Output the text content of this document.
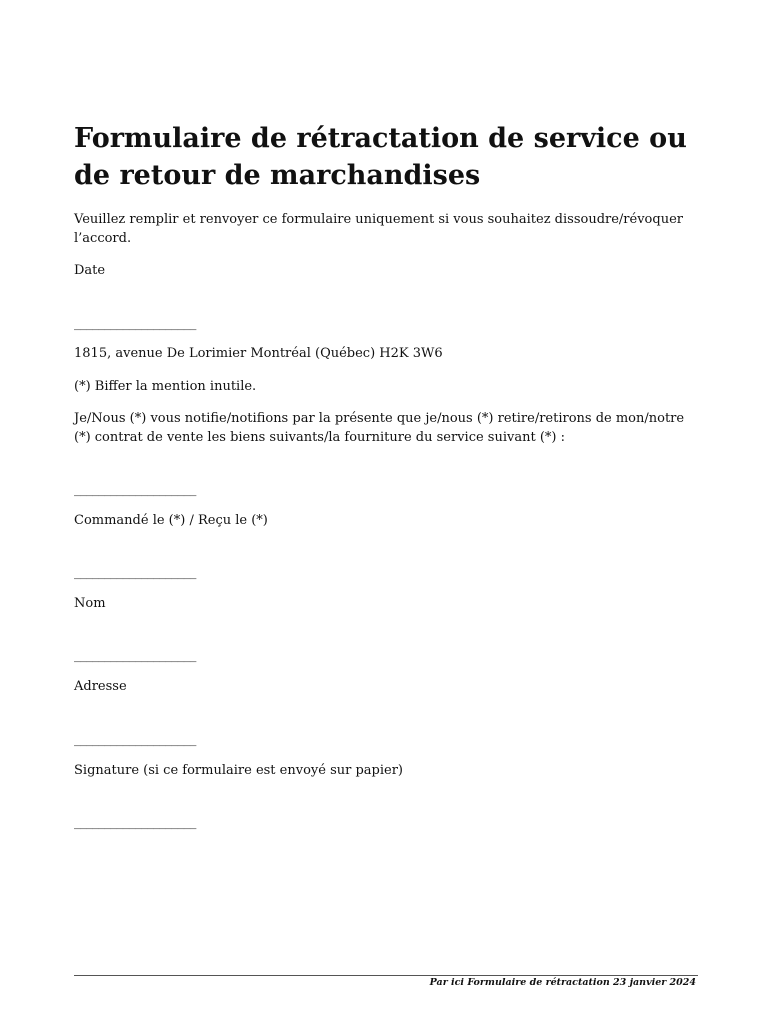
Formulaire de rétractation de service ou de retour de marchandises

Veuillez remplir et renvoyer ce formulaire uniquement si vous souhaitez dissoudre/révoquer l’accord.

Date

____________________

1815, avenue De Lorimier Montréal (Québec) H2K 3W6

(*) Biffer la mention inutile.

Je/Nous (*) vous notifie/notifions par la présente que je/nous (*) retire/retirons de mon/notre (*) contrat de vente les biens suivants/la fourniture du service suivant (*) :

____________________

Commandé le (*) / Reçu le (*)

____________________

Nom

____________________

Adresse

____________________

Signature (si ce formulaire est envoyé sur papier)

____________________

Par ici Formulaire de rétractation 23 janvier 2024
